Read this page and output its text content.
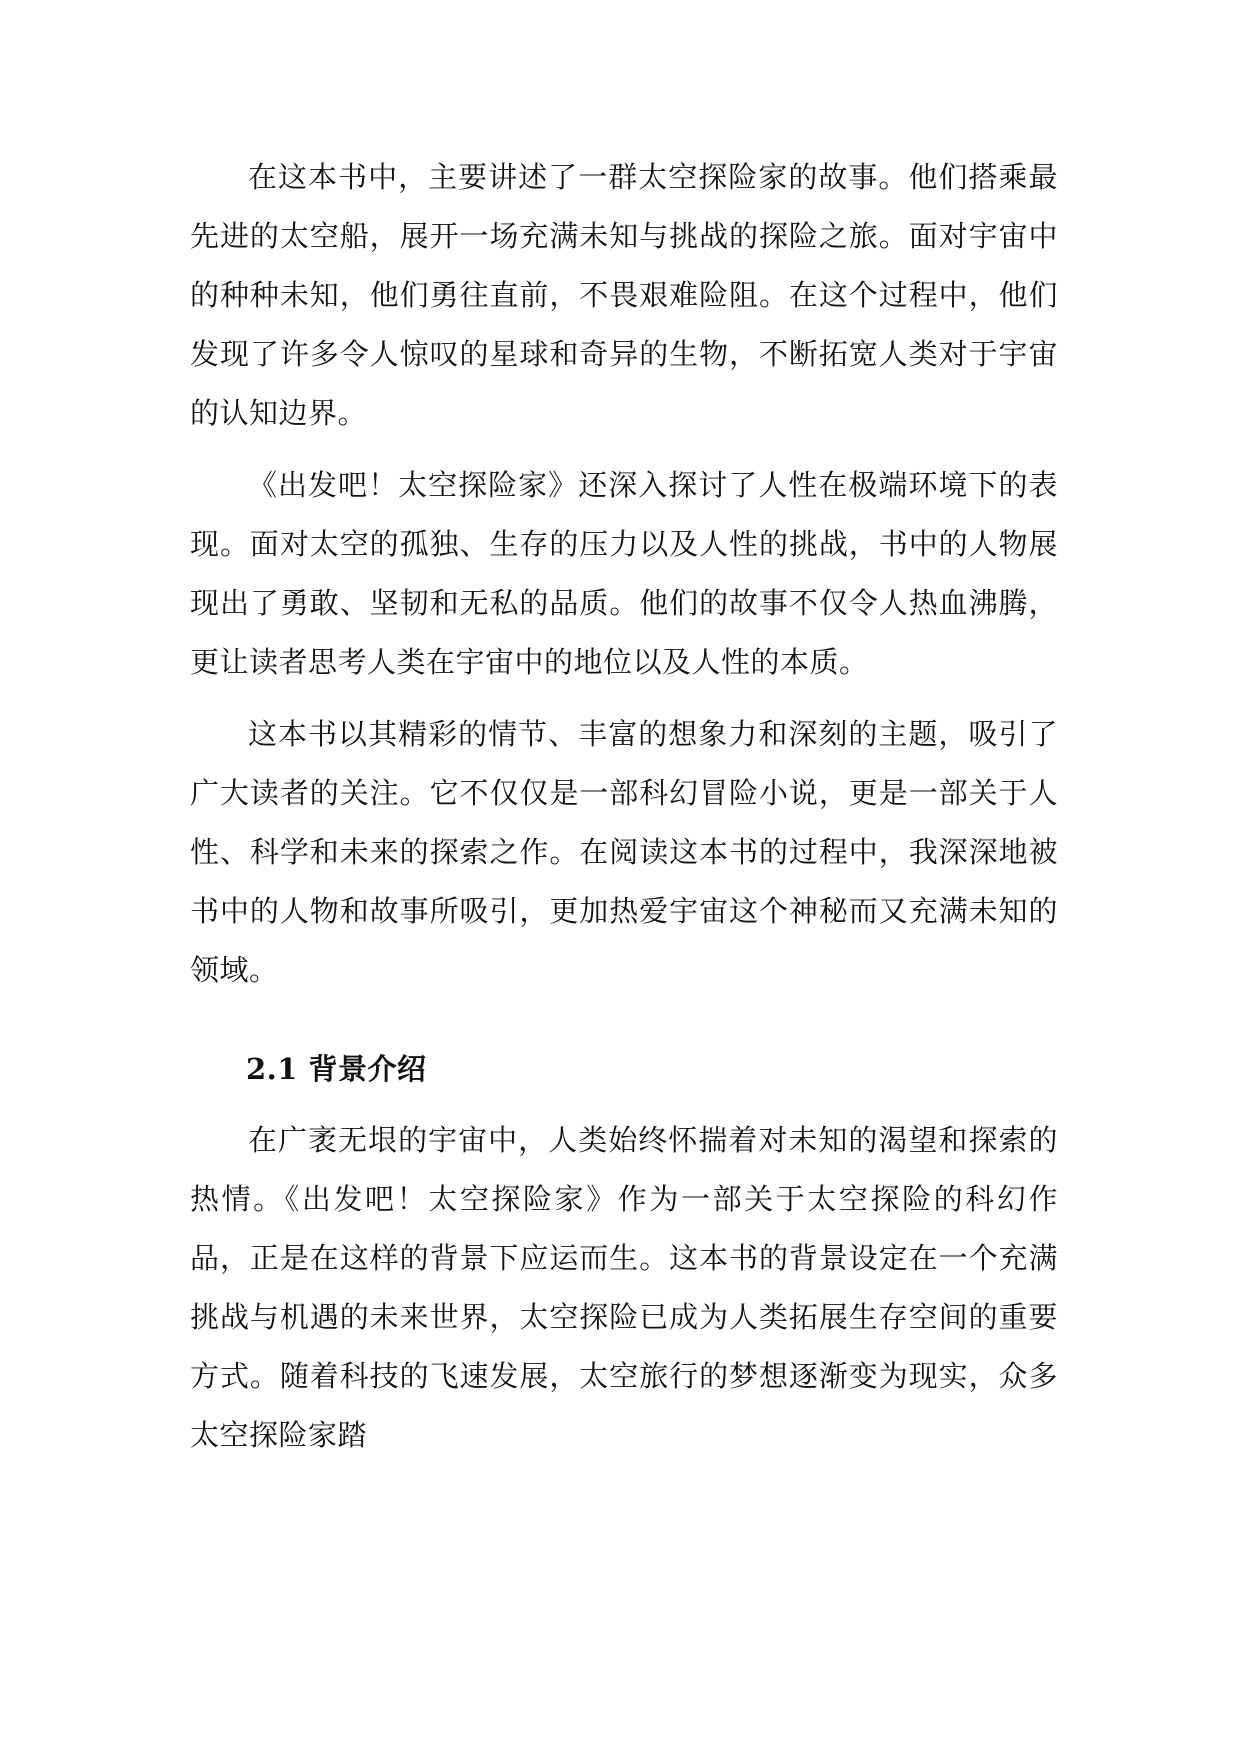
在这本书中，主要讲述了一群太空探险家的故事。他们搭乘最先进的太空船，展开一场充满未知与挑战的探险之旅。面对宇宙中的种种未知，他们勇往直前，不畏艰难险阻。在这个过程中，他们发现了许多令人惊叹的星球和奇异的生物，不断拓宽人类对于宇宙的认知边界。

《出发吧！太空探险家》还深入探讨了人性在极端环境下的表现。面对太空的孤独、生存的压力以及人性的挑战，书中的人物展现出了勇敢、坚韧和无私的品质。他们的故事不仅令人热血沸腾，更让读者思考人类在宇宙中的地位以及人性的本质。

这本书以其精彩的情节、丰富的想象力和深刻的主题，吸引了广大读者的关注。它不仅仅是一部科幻冒险小说，更是一部关于人性、科学和未来的探索之作。在阅读这本书的过程中，我深深地被书中的人物和故事所吸引，更加热爱宇宙这个神秘而又充满未知的领域。

2.1 背景介绍

在广袤无垠的宇宙中，人类始终怀揣着对未知的渴望和探索的热情。《出发吧！太空探险家》作为一部关于太空探险的科幻作品，正是在这样的背景下应运而生。这本书的背景设定在一个充满挑战与机遇的未来世界，太空探险已成为人类拓展生存空间的重要方式。随着科技的飞速发展，太空旅行的梦想逐渐变为现实，众多太空探险家踏
